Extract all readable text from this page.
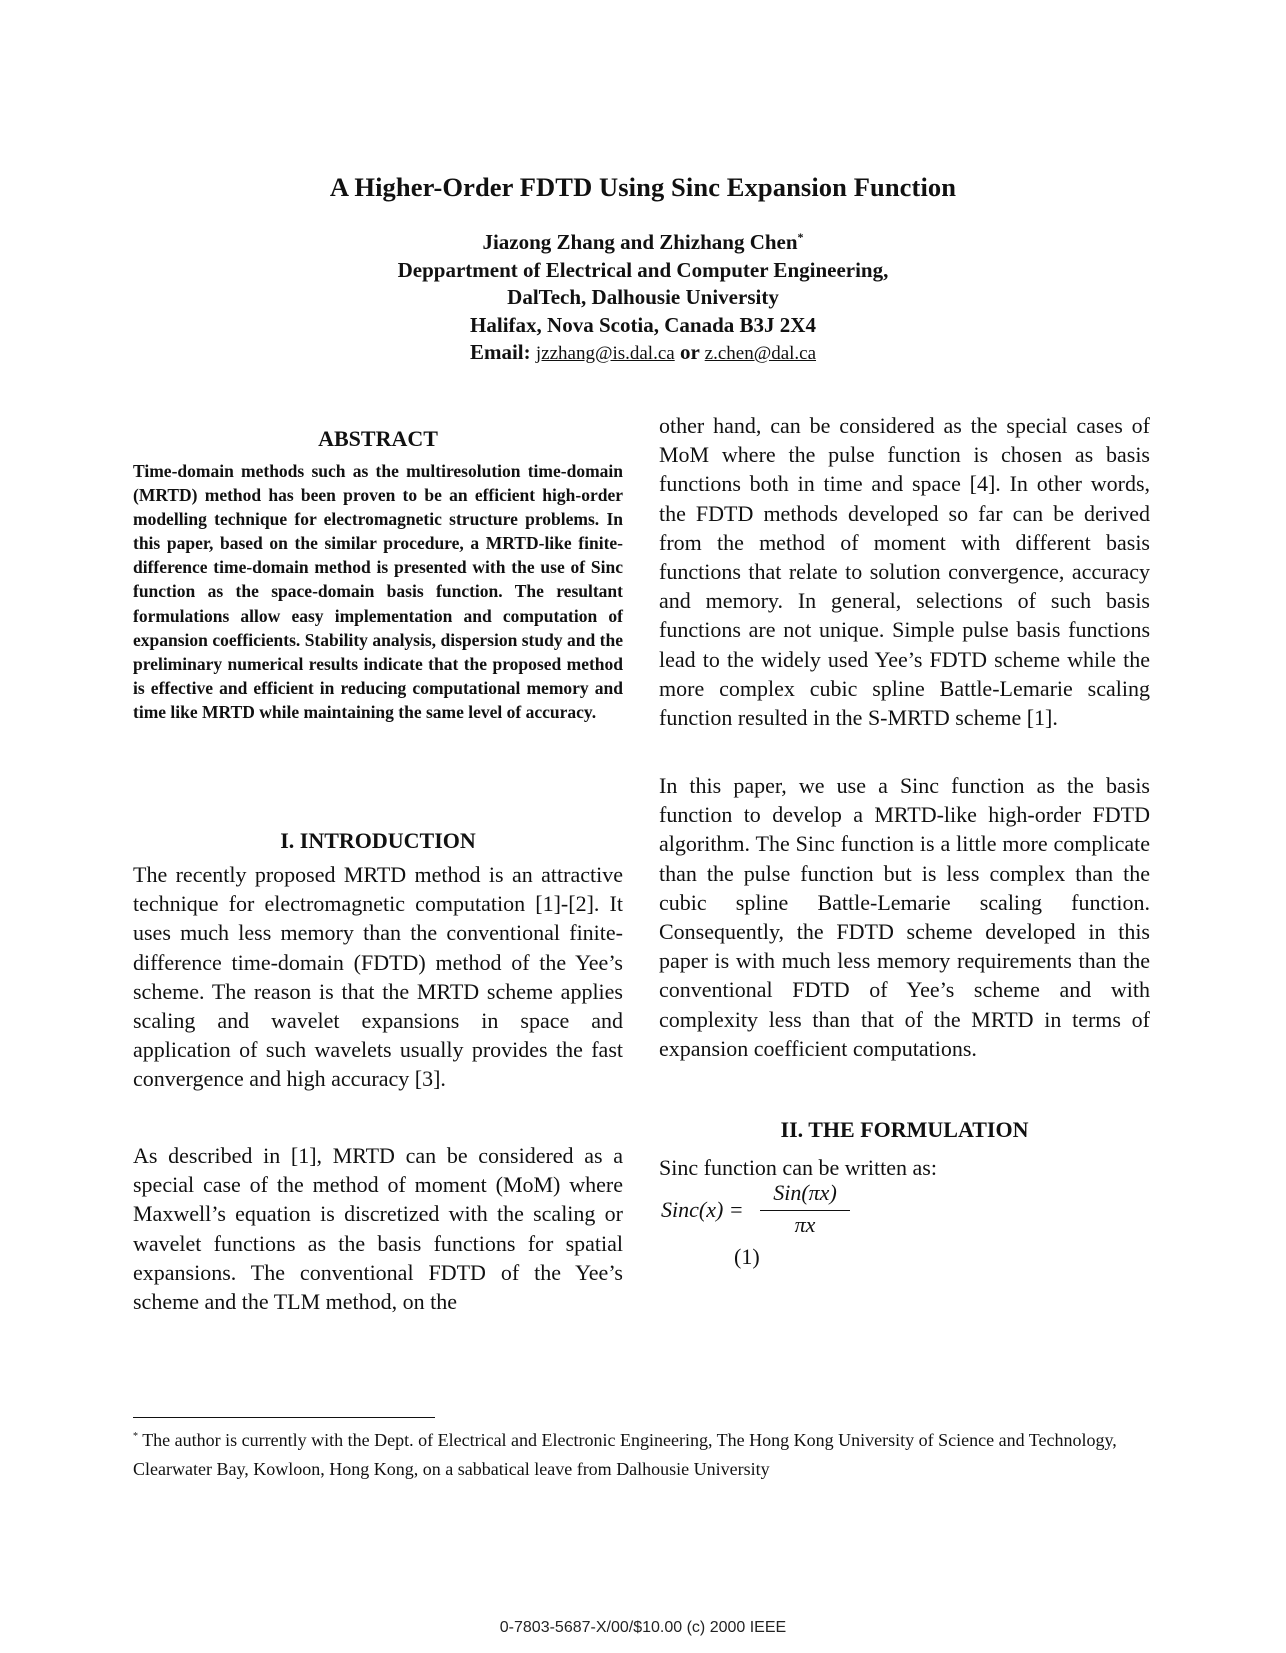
A Higher-Order FDTD Using Sinc Expansion Function
Jiazong Zhang and Zhizhang Chen*
Deppartment of Electrical and Computer Engineering,
DalTech, Dalhousie University
Halifax, Nova Scotia, Canada B3J 2X4
Email: jzzhang@is.dal.ca or z.chen@dal.ca
ABSTRACT
Time-domain methods such as the multiresolution time-domain (MRTD) method has been proven to be an efficient high-order modelling technique for electromagnetic structure problems. In this paper, based on the similar procedure, a MRTD-like finite-difference time-domain method is presented with the use of Sinc function as the space-domain basis function. The resultant formulations allow easy implementation and computation of expansion coefficients. Stability analysis, dispersion study and the preliminary numerical results indicate that the proposed method is effective and efficient in reducing computational memory and time like MRTD while maintaining the same level of accuracy.
I. INTRODUCTION
The recently proposed MRTD method is an attractive technique for electromagnetic computation [1]-[2]. It uses much less memory than the conventional finite-difference time-domain (FDTD) method of the Yee’s scheme. The reason is that the MRTD scheme applies scaling and wavelet expansions in space and application of such wavelets usually provides the fast convergence and high accuracy [3].
As described in [1], MRTD can be considered as a special case of the method of moment (MoM) where Maxwell’s equation is discretized with the scaling or wavelet functions as the basis functions for spatial expansions. The conventional FDTD of the Yee’s scheme and the TLM method, on the
other hand, can be considered as the special cases of MoM where the pulse function is chosen as basis functions both in time and space [4]. In other words, the FDTD methods developed so far can be derived from the method of moment with different basis functions that relate to solution convergence, accuracy and memory. In general, selections of such basis functions are not unique. Simple pulse basis functions lead to the widely used Yee’s FDTD scheme while the more complex cubic spline Battle-Lemarie scaling function resulted in the S-MRTD scheme [1].
In this paper, we use a Sinc function as the basis function to develop a MRTD-like high-order FDTD algorithm. The Sinc function is a little more complicate than the pulse function but is less complex than the cubic spline Battle-Lemarie scaling function. Consequently, the FDTD scheme developed in this paper is with much less memory requirements than the conventional FDTD of Yee’s scheme and with complexity less than that of the MRTD in terms of expansion coefficient computations.
II. THE FORMULATION
Sinc function can be written as:
Sinc(x) =
Sin(πx)
πx
(1)
* The author is currently with the Dept. of Electrical and Electronic Engineering, The Hong Kong University of Science and Technology, Clearwater Bay, Kowloon, Hong Kong, on a sabbatical leave from Dalhousie University
0-7803-5687-X/00/$10.00 (c) 2000 IEEE
